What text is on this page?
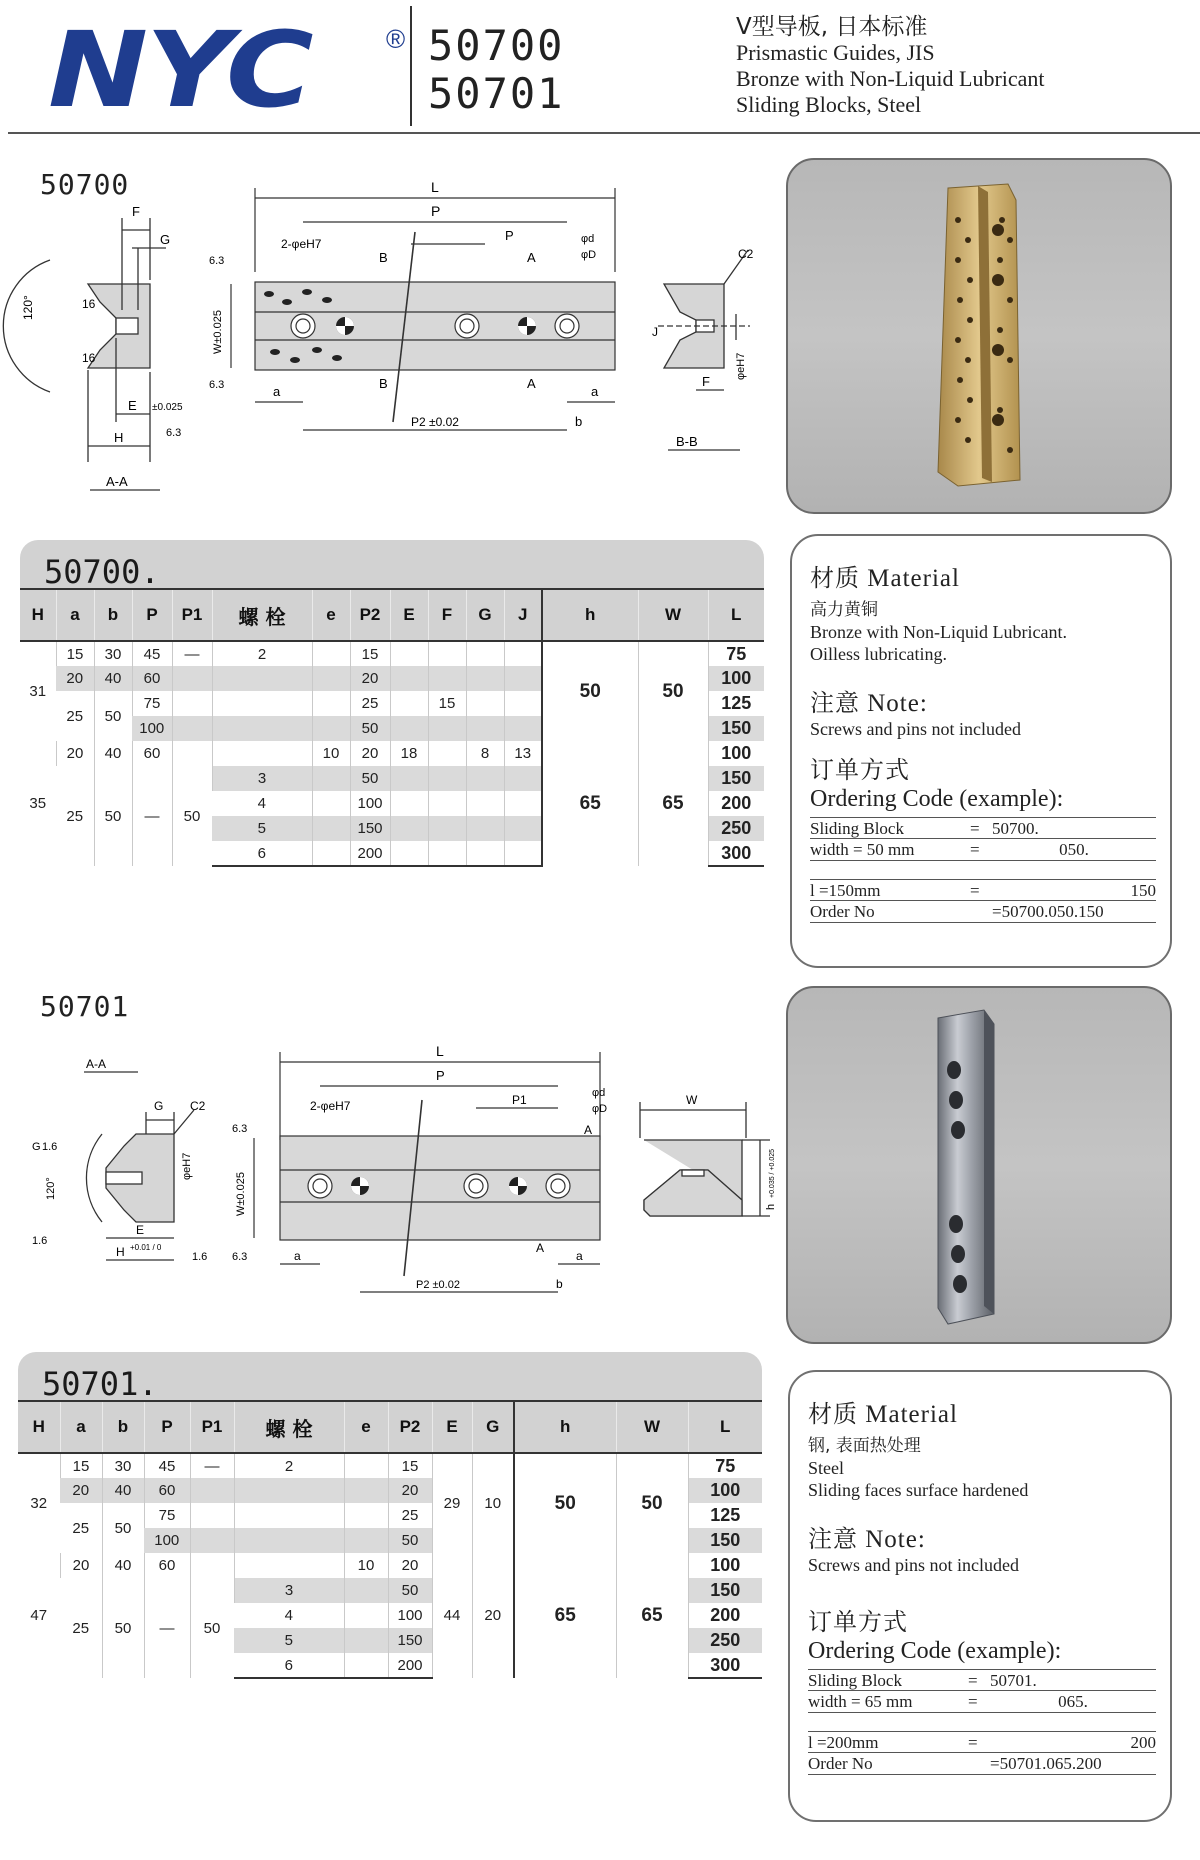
NYC	® 50700
50701
V型导板, 日本标准
Prismastic Guides, JIS
Bronze with Non-Liquid Lubricant
Sliding Blocks, Steel
50700
F
G
120°	16
16
E ±0.025
H	6.3
A-A
L
P
2-φeH7
B
P
A
φd
φD
W±0.025
6.3
6.3	a
B	A
a
P2 ±0.02	b
C2
J
φeH7
F
B-B
50700.
H	a	b	P	P1	螺 栓	e	P2	E	F	G	J	h	W	L
31	15	30	45	—	2		15					50	50	75
	20	40	60				20							100
	25	50	75				25		15					125
			100				50							150
35	20	40	60			10	20	18		8	13	65	65	100
	25	50	—	50	3		50							150
					4		100							200
					5		150							250
					6		200							300
材质 Material
高力黄铜
Bronze with Non-Liquid Lubricant.
Oilless lubricating.
注意 Note:
Screws and pins not included
订单方式
Ordering Code (example):
Sliding Block	= 50700.
width = 50 mm	=	050.
l =150mm	=	150
Order No	=50700.050.150
50701
A-A
G C2
G 1.6
120°
1.6
φeH7
E
H +0.01 / 0
1.6
L
P
P1
2-φeH7
φd
φD
A
W±0.025
6.3
6.3	a
A
a
P2 ±0.02	b
W
h
+0.035 / +0.025
50701.
H	a	b	P	P1	螺 栓	e	P2	E	G	h	W	L
32	15	30	45	—	2		15	29	10	50	50	75
	20	40	60				20					100
	25	50	75				25					125
			100				50					150
47	20	40	60			10	20	44	20	65	65	100
	25	50	—	50	3		50					150
					4		100					200
					5		150					250
					6		200					300
材质 Material
钢, 表面热处理
Steel
Sliding faces surface hardened
注意 Note:
Screws and pins not included
订单方式
Ordering Code (example):
Sliding Block	= 50701.
width = 65 mm	=	065.
l =200mm	=	200
Order No	=50701.065.200
